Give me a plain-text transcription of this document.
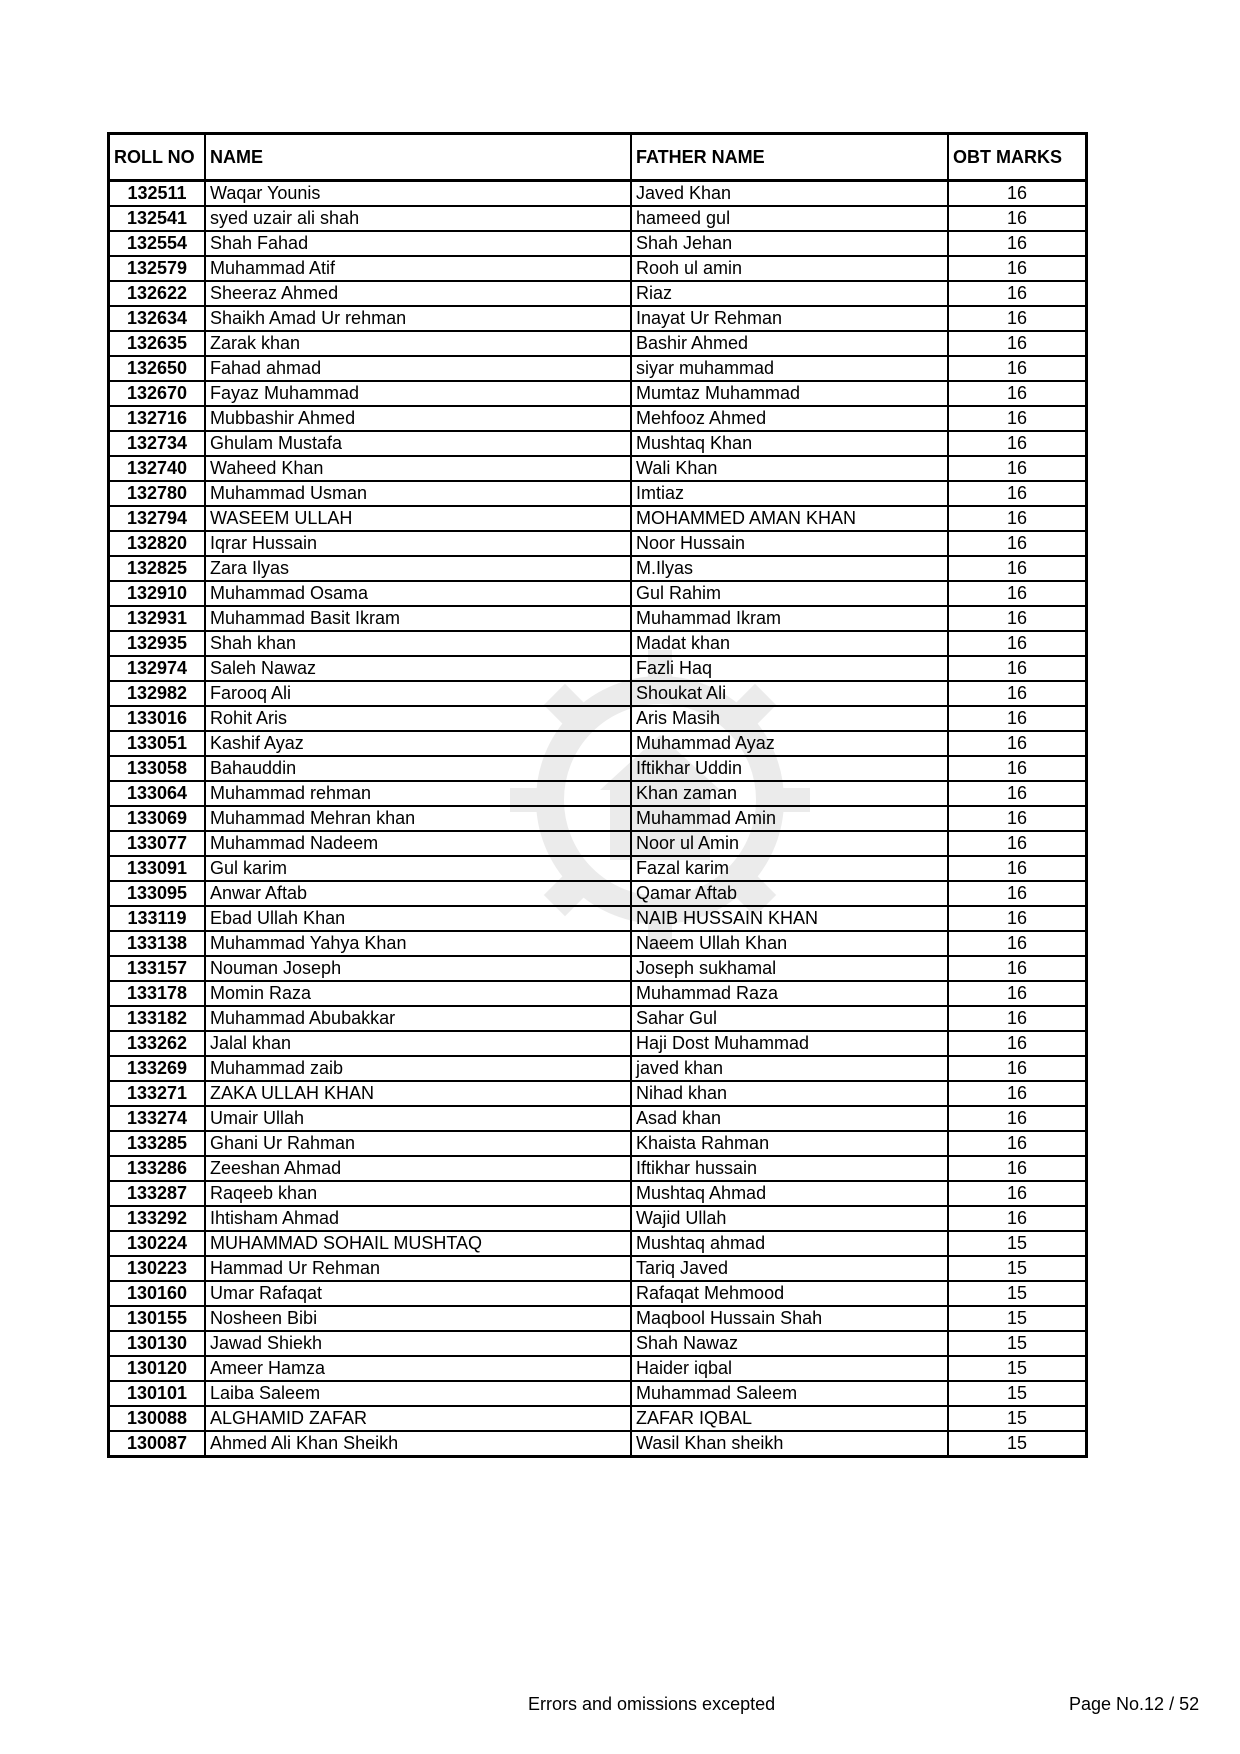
ROLL NO	NAME	FATHER NAME	OBT MARKS
132511	Waqar Younis	Javed Khan	16
132541	syed uzair ali shah	hameed gul	16
132554	Shah Fahad	Shah Jehan	16
132579	Muhammad Atif	Rooh ul amin	16
132622	Sheeraz Ahmed	Riaz	16
132634	Shaikh Amad Ur rehman	Inayat Ur Rehman	16
132635	Zarak khan	Bashir Ahmed	16
132650	Fahad ahmad	siyar muhammad	16
132670	Fayaz Muhammad	Mumtaz Muhammad	16
132716	Mubbashir Ahmed	Mehfooz Ahmed	16
132734	Ghulam Mustafa	Mushtaq Khan	16
132740	Waheed Khan	Wali Khan	16
132780	Muhammad Usman	Imtiaz	16
132794	WASEEM ULLAH	MOHAMMED AMAN KHAN	16
132820	Iqrar Hussain	Noor Hussain	16
132825	Zara Ilyas	M.Ilyas	16
132910	Muhammad Osama	Gul Rahim	16
132931	Muhammad Basit Ikram	Muhammad Ikram	16
132935	Shah khan	Madat khan	16
132974	Saleh Nawaz	Fazli Haq	16
132982	Farooq Ali	Shoukat Ali	16
133016	Rohit Aris	Aris Masih	16
133051	Kashif Ayaz	Muhammad Ayaz	16
133058	Bahauddin	Iftikhar Uddin	16
133064	Muhammad rehman	Khan zaman	16
133069	Muhammad Mehran khan	Muhammad Amin	16
133077	Muhammad Nadeem	Noor ul Amin	16
133091	Gul karim	Fazal karim	16
133095	Anwar Aftab	Qamar Aftab	16
133119	Ebad Ullah Khan	NAIB HUSSAIN KHAN	16
133138	Muhammad Yahya Khan	Naeem Ullah Khan	16
133157	Nouman Joseph	Joseph sukhamal	16
133178	Momin Raza	Muhammad Raza	16
133182	Muhammad Abubakkar	Sahar Gul	16
133262	Jalal khan	Haji Dost Muhammad	16
133269	Muhammad zaib	javed khan	16
133271	ZAKA ULLAH KHAN	Nihad khan	16
133274	Umair Ullah	Asad khan	16
133285	Ghani Ur Rahman	Khaista Rahman	16
133286	Zeeshan Ahmad	Iftikhar hussain	16
133287	Raqeeb khan	Mushtaq Ahmad	16
133292	Ihtisham Ahmad	Wajid Ullah	16
130224	MUHAMMAD SOHAIL MUSHTAQ	Mushtaq ahmad	15
130223	Hammad Ur Rehman	Tariq Javed	15
130160	Umar Rafaqat	Rafaqat Mehmood	15
130155	Nosheen Bibi	Maqbool Hussain Shah	15
130130	Jawad Shiekh	Shah Nawaz	15
130120	Ameer Hamza	Haider iqbal	15
130101	Laiba Saleem	Muhammad Saleem	15
130088	ALGHAMID ZAFAR	ZAFAR IQBAL	15
130087	Ahmed Ali Khan Sheikh	Wasil Khan sheikh	15
Errors and omissions excepted	Page No.12 / 52
